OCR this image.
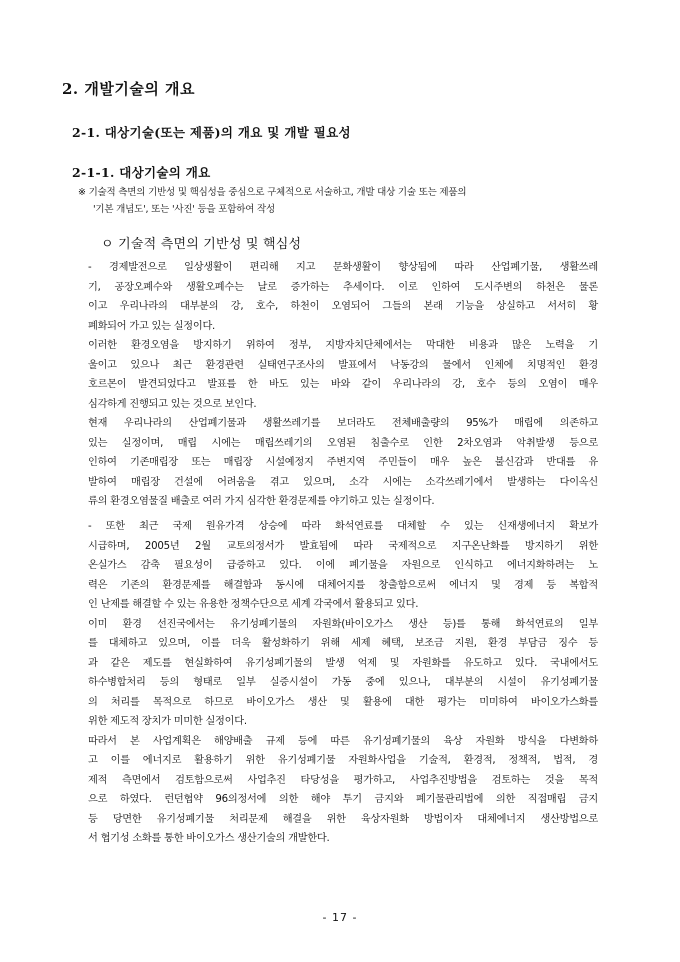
2. 개발기술의 개요
2-1. 대상기술(또는 제품)의 개요 및 개발 필요성
2-1-1. 대상기술의 개요
※ 기술적 측면의 기반성 및 핵심성을 중심으로 구체적으로 서술하고, 개발 대상 기술 또는 제품의
'기본 개념도', 또는 '사진' 등을 포함하여 작성
ㅇ 기술적 측면의 기반성 및 핵심성
- 경제발전으로 일상생활이 편리해 지고 문화생활이 향상됨에 따라 산업폐기물, 생활쓰레
기, 공장오폐수와 생활오폐수는 날로 증가하는 추세이다. 이로 인하여 도시주변의 하천은 물론
이고 우리나라의 대부분의 강, 호수, 하천이 오염되어 그들의 본래 기능을 상실하고 서서히 황
폐화되어 가고 있는 실정이다.
이러한 환경오염을 방지하기 위하여 정부, 지방자치단체에서는 막대한 비용과 많은 노력을 기
울이고 있으나 최근 환경관련 실태연구조사의 발표에서 낙동강의 물에서 인체에 치명적인 환경
호르몬이 발견되었다고 발표를 한 바도 있는 바와 같이 우리나라의 강, 호수 등의 오염이 매우
심각하게 진행되고 있는 것으로 보인다.
현재 우리나라의 산업폐기물과 생활쓰레기를 보더라도 전체배출량의 95%가 매립에 의존하고
있는 실정이며, 매립 시에는 매립쓰레기의 오염된 침출수로 인한 2차오염과 악취발생 등으로
인하여 기존매립장 또는 매립장 시설예정지 주변지역 주민들이 매우 높은 불신감과 반대를 유
발하여 매립장 건설에 어려움을 겪고 있으며, 소각 시에는 소각쓰레기에서 발생하는 다이옥신
류의 환경오염물질 배출로 여러 가지 심각한 환경문제를 야기하고 있는 실정이다.
- 또한 최근 국제 원유가격 상승에 따라 화석연료를 대체할 수 있는 신재생에너지 확보가
시급하며, 2005년 2월 교토의정서가 발효됨에 따라 국제적으로 지구온난화를 방지하기 위한
온실가스 감축 필요성이 급증하고 있다. 이에 폐기물을 자원으로 인식하고 에너지화하려는 노
력은 기존의 환경문제를 해결함과 동시에 대체어지를 창출함으로써 에너지 및 경제 등 복합적
인 난제를 해결할 수 있는 유용한 정책수단으로 세계 각국에서 활용되고 있다.
이미 환경 선진국에서는 유기성폐기물의 자원화(바이오가스 생산 등)를 통해 화석연료의 일부
를 대체하고 있으며, 이를 더욱 활성화하기 위해 세제 혜택, 보조금 지원, 환경 부담금 징수 등
과 같은 제도를 현실화하여 유기성폐기물의 발생 억제 및 자원화를 유도하고 있다. 국내에서도
하수병합처리 등의 형태로 일부 실증시설이 가동 중에 있으나, 대부분의 시설이 유기성폐기물
의 처리를 목적으로 하므로 바이오가스 생산 및 활용에 대한 평가는 미미하여 바이오가스화를
위한 제도적 장치가 미미한 실정이다.
따라서 본 사업계획은 해양배출 규제 등에 따른 유기성폐기물의 육상 자원화 방식을 다변화하
고 이를 에너지로 활용하기 위한 유기성폐기물 자원화사업을 기술적, 환경적, 정책적, 법적, 경
제적 측면에서 검토함으로써 사업추진 타당성을 평가하고, 사업추진방법을 검토하는 것을 목적
으로 하였다. 런던협약 96의정서에 의한 해야 투기 금지와 폐기물관리법에 의한 직접매립 금지
등 당면한 유기성폐기물 처리문제 해결을 위한 육상자원화 방법이자 대체에너지 생산방법으로
서 협기성 소화를 통한 바이오가스 생산기술의 개발한다.
- 17 -
